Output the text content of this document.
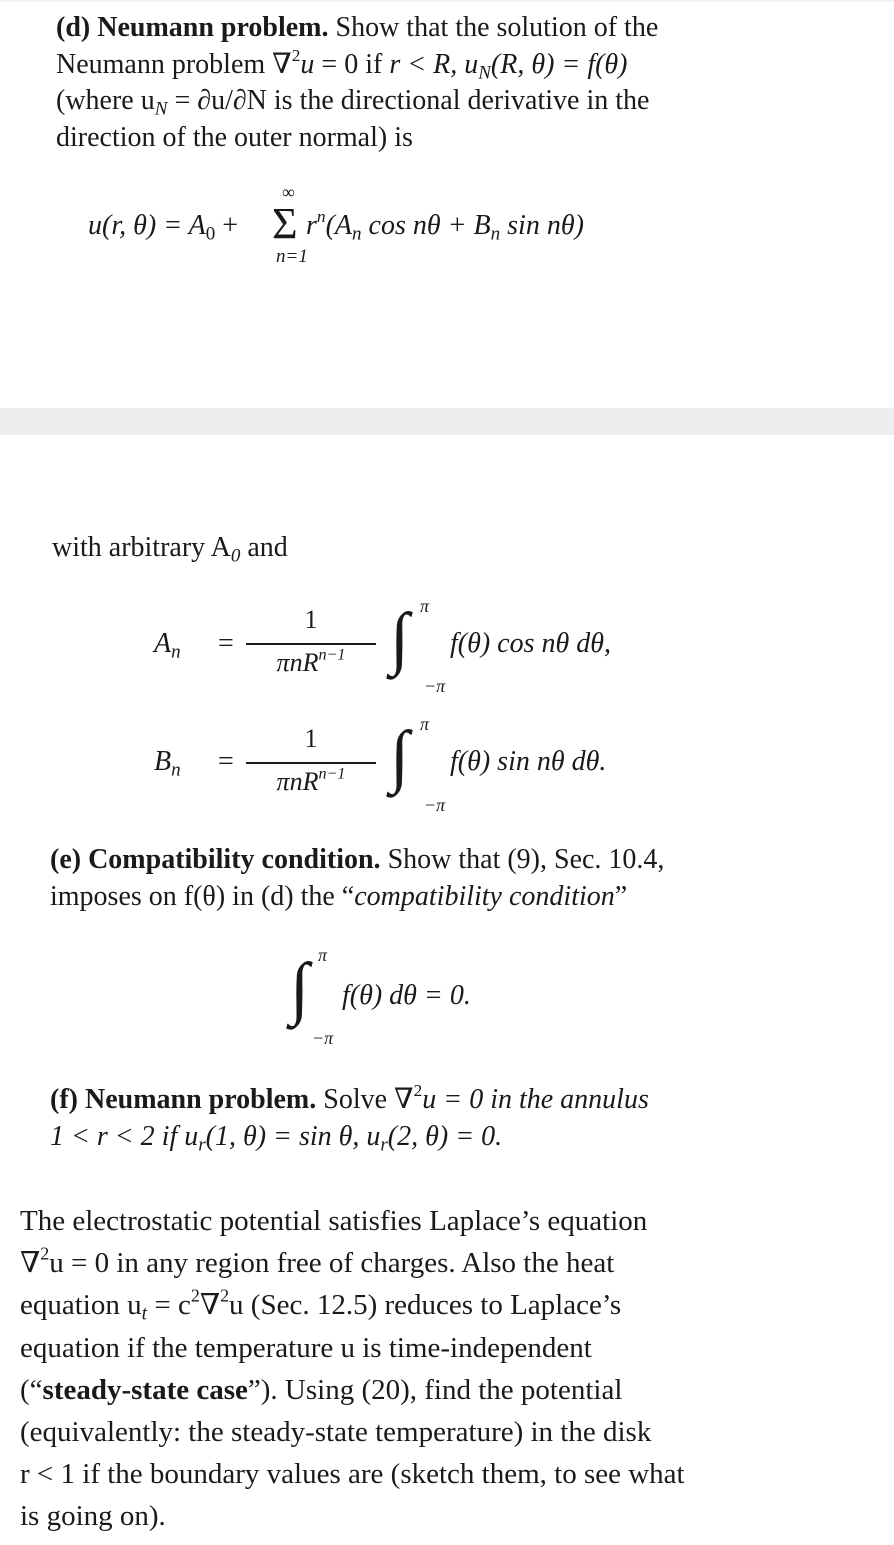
(d) Neumann problem. Show that the solution of the
Neumann problem ∇$^2$u = 0 if r < R, $u_N(R$, θ) = f(θ)
(where $u_N = \partial u/\partial N$ is the directional derivative in the
direction of the outer normal) is
u(r, $\theta) = A_0$ +
∞
Σ
n=1
$r^n(A_n$ $\cos n\theta + B_n$ sin nθ)
with arbitrary $A_0$ and
$A_n$ =
1
πnR$^{n-1}$
π
∫
−π
f(θ) cos nθ dθ,
$B_n$ =
1
πnR$^{n-1}$
π
∫
−π
f(θ) sin nθ dθ.
(e) Compatibility condition. Show that (9), Sec. 10.4,
imposes on f(θ) in (d) the “compatibility condition”
π
∫
−π
f(θ) dθ = 0.
(f) Neumann problem. Solve ∇$^2$u = 0 in the annulus
1 < r < 2 if $u_r(1$, θ) = sin θ, $u_r(2$, θ) = 0.
The electrostatic potential satisfies Laplace’s equation
∇$^2$u = 0 in any region free of charges. Also the heat
equation $u_t = c^2\nabla^2u$ (Sec. 12.5) reduces to Laplace’s
equation if the temperature u is time-independent
(“steady-state case”). Using (20), find the potential
(equivalently: the steady-state temperature) in the disk
r < 1 if the boundary values are (sketch them, to see what
is going on).
